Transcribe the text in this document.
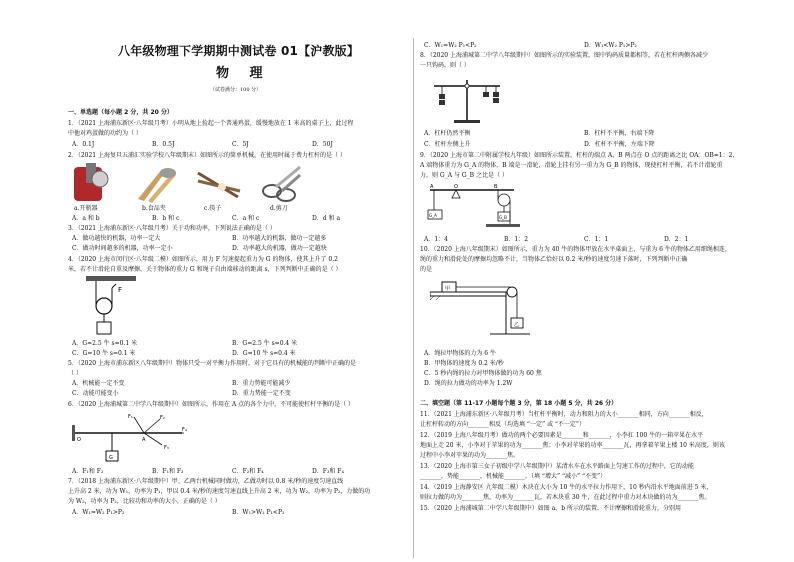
八年级物理下学期期中测试卷 01【沪教版】
物 理
（试卷满分：100 分）
一、单选题（每小题 2 分，共 20 分）
1．（2021 上海浦东新区·八年级月考）小明从地上捡起一个普通鸡蛋，缓慢地放在 1 米高的桌子上，此过程
中他对鸡蛋做的功约为（ ）
A．0.1J	B．0.5J	C．5J	D．50J
2．（2021 上海复旦五浦汇实验学校八年级期末）如图所示的简单机械，在使用时属于费力杠杆的是（ ）
a.开瓶器	b.食品夹	c.筷子	d.剪刀
A．a 和 b	B．b 和 c	C．a 和 c	D．d 和 a
3．（2021 上海浦东新区·八年级月考）关于功和功率，下列说法正确的是（ ）
A．做功越快的机器，功率一定大	B．功率越大的机器，做功一定越多
C．做功时间越多的机器，功率一定小	D．功率越大的机器，做功一定越快
4．（2020 上海市闵行区·八年级二模）如图所示，用力 F 匀速提起重力为 G 的物体，使其上升了 0.2
米，若不计滑轮自重及摩擦，关于物体的重力 G 和绳子自由端移动的距离 s，下列判断中正确的是（ ）
F
A．G=2.5 牛 s=0.1 米	B．G=2.5 牛 s=0.4 米
C．G=10 牛 s=0.1 米	D．G=10 牛 s=0.4 米
5．（2020 上海市浦东新区八年级期中）物体只受一对平衡力作用时，对于它具有的机械能的判断中正确的是
（ ）
A．机械能一定不变	B．重力势能可能减少
C．动能可能变小	D．重力势能一定不变
6．（2020 上海浦城第二中学八年级期中）如图所示，作用在 A 点的各个力中，不可能使杠杆平衡的是（ ）
F₁	F₂
F₃
F₄
A
O
G
A．F₁和 F₂	B．F₁和 F₃	C．F₂和 F₄	D．F₃和 F₄
7．（2018 上海浦东新区·八年级期中）甲、乙两台机械同时做功，乙做功时以 0.8 米/秒的速度匀速直线
上升高 2 米，功为 W₁，功率为 P₁，甲以 0.4 米/秒的速度匀速直线上升高 2 米，功为 W₂，功率为 P₂，力做的功
为 W₂，功率为 P₂，比较功和功率的大小，正确的是（ ）
A．W₁=W₂ P₁>P₂	B．W₁>W₂ P₁<P₂
C．W₁=W₂ P₁<P₂	D．W₁<W₂ P₁>P₂
8．（2020 上海浦城第二中学八年级期中）如图所示的实验装置，图中钩码质量都相等，若在杠杆两侧各减少
一只钩码，则（ ）
A．杠杆仍然平衡	B．杠杆不平衡，右端下降
C．杠杆左侧上升	D．杠杆不平衡，左端下降
9．（2020 上海市第二中附属学校九年级）如图所示装置，杠杆的端点 A、B 两点在 O 点的距离之比 OA：OB=1：2，
A 端物体重力为 G_A 的物体，B 端是一滑轮，滑轮上挂有另一重力为 G_B 的物体，现使杠杆平衡，若不计滑轮重
力，则 G_A 与 G_B 之比是（ ）
A	O	B
G_A	G_B
A．1：4	B．1：2	C．1：1	D．2：1
10．（2020 上海八年级期末）如图所示，重力为 40 牛的物体甲放在水平桌面上，与重为 6 牛的物体乙用细绳相连，
绳的重力和滑轮处的摩擦均忽略不计，当物体乙恰好以 0.2 米/秒的速度匀速下落时，下列判断中正确
的是
甲
乙
A．绳拉甲物体的力为 6 牛
B．甲物体的速度为 0.2 米/秒
C．5 秒内绳的拉力对甲物体做的功为 60 焦
D．绳的拉力做功的功率为 1.2W
二、填空题（第 11-17 小题每个题 3 分，第 18 小题 5 分，共 26 分）
11．（2021 上海浦东新区·八年级月考）当杠杆平衡时，动力和阻力的大小_______相同，方向_______相反，
让杠杆转动的方向_______相反（均选填 “一定” 或 “不一定”）
12．（2019 上海八年级月考）做功的两个必要因素是_______和_______，小李扛 100 牛的一箱苹果在水平
地面上走 20 米，小李对于苹果的功为_______焦；小李对苹果的功率_______瓦，再拿着苹果上楼 10 米高度，则该
过程中小李对苹果的功为_______焦。
13．（2020 上海市第三女子初级中学八年级期中）某清水车在水平路面上匀速工作的过程中，它的动能
_______，势能_______，机械能_______。（填 “增大” “减小” “不变”）
14．（2019 上海静安区 九年级二模）木块在大小为 10 牛的水平拉力作用下，10 秒内沿水平地面前进 5 米，
则拉力做的功为_______焦，功率为_______瓦，若木块重 30 牛，在此过程中重力对木块做的功为_______焦。
15．（2020 上海浦城第二中学八年级期中）如图 a、b 所示的装置，不计摩擦和滑轮重力，分别用
